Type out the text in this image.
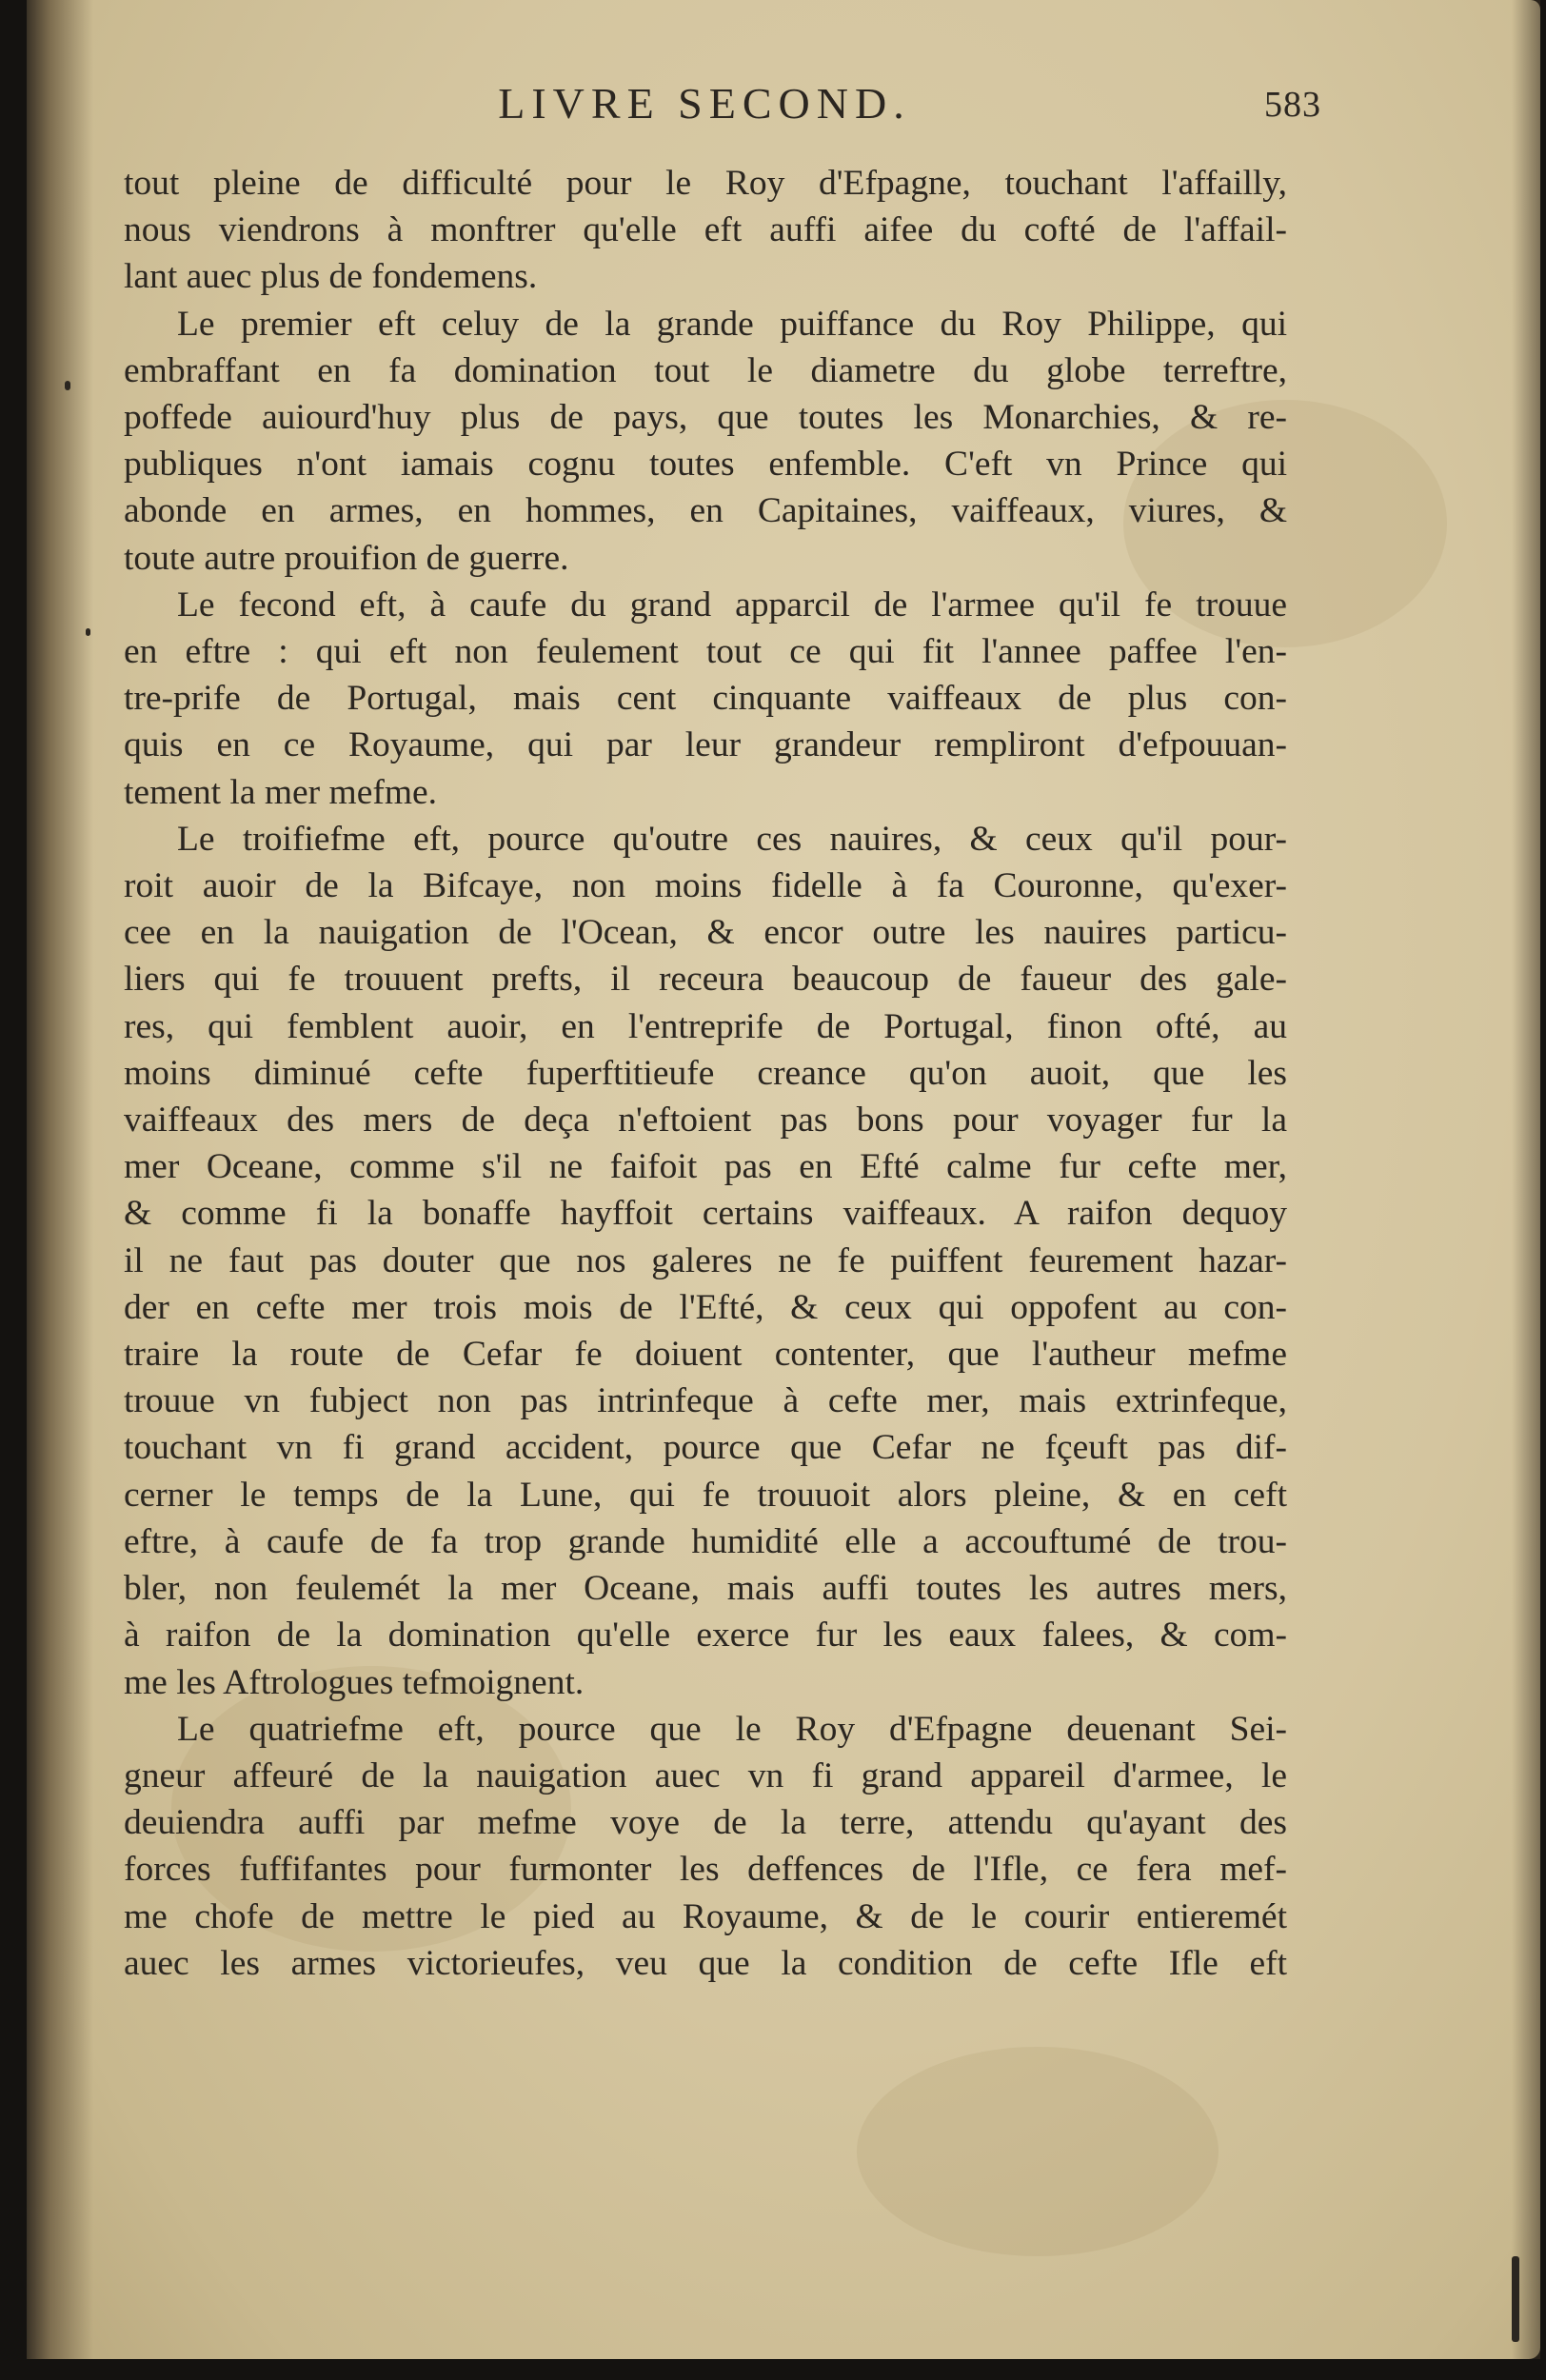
LIVRE SECOND.	583
tout pleine de difficulté pour le Roy d'Efpagne, touchant l'affailly,
nous viendrons à monftrer qu'elle eft auffi aifee du cofté de l'affail-
lant auec plus de fondemens.
Le premier eft celuy de la grande puiffance du Roy Philippe, qui
embraffant en fa domination tout le diametre du globe terreftre,
poffede auiourd'huy plus de pays, que toutes les Monarchies, & re-
publiques n'ont iamais cognu toutes enfemble. C'eft vn Prince qui
abonde en armes, en hommes, en Capitaines, vaiffeaux, viures, &
toute autre prouifion de guerre.
Le fecond eft, à caufe du grand apparcil de l'armee qu'il fe trouue
en eftre : qui eft non feulement tout ce qui fit l'annee paffee l'en-
tre-prife de Portugal, mais cent cinquante vaiffeaux de plus con-
quis en ce Royaume, qui par leur grandeur rempliront d'efpouuan-
tement la mer mefme.
Le troifiefme eft, pource qu'outre ces nauires, & ceux qu'il pour-
roit auoir de la Bifcaye, non moins fidelle à fa Couronne, qu'exer-
cee en la nauigation de l'Ocean, & encor outre les nauires particu-
liers qui fe trouuent prefts, il receura beaucoup de faueur des gale-
res, qui femblent auoir, en l'entreprife de Portugal, finon ofté, au
moins diminué cefte fuperftitieufe creance qu'on auoit, que les
vaiffeaux des mers de deça n'eftoient pas bons pour voyager fur la
mer Oceane, comme s'il ne faifoit pas en Efté calme fur cefte mer,
& comme fi la bonaffe hayffoit certains vaiffeaux. A raifon dequoy
il ne faut pas douter que nos galeres ne fe puiffent feurement hazar-
der en cefte mer trois mois de l'Efté, & ceux qui oppofent au con-
traire la route de Cefar fe doiuent contenter, que l'autheur mefme
trouue vn fubject non pas intrinfeque à cefte mer, mais extrinfeque,
touchant vn fi grand accident, pource que Cefar ne fçeuft pas dif-
cerner le temps de la Lune, qui fe trouuoit alors pleine, & en ceft
eftre, à caufe de fa trop grande humidité elle a accouftumé de trou-
bler, non feulemét la mer Oceane, mais auffi toutes les autres mers,
à raifon de la domination qu'elle exerce fur les eaux falees, & com-
me les Aftrologues tefmoignent.
Le quatriefme eft, pource que le Roy d'Efpagne deuenant Sei-
gneur affeuré de la nauigation auec vn fi grand appareil d'armee, le
deuiendra auffi par mefme voye de la terre, attendu qu'ayant des
forces fuffifantes pour furmonter les deffences de l'Ifle, ce fera mef-
me chofe de mettre le pied au Royaume, & de le courir entieremét
auec les armes victorieufes, veu que la condition de cefte Ifle eft
